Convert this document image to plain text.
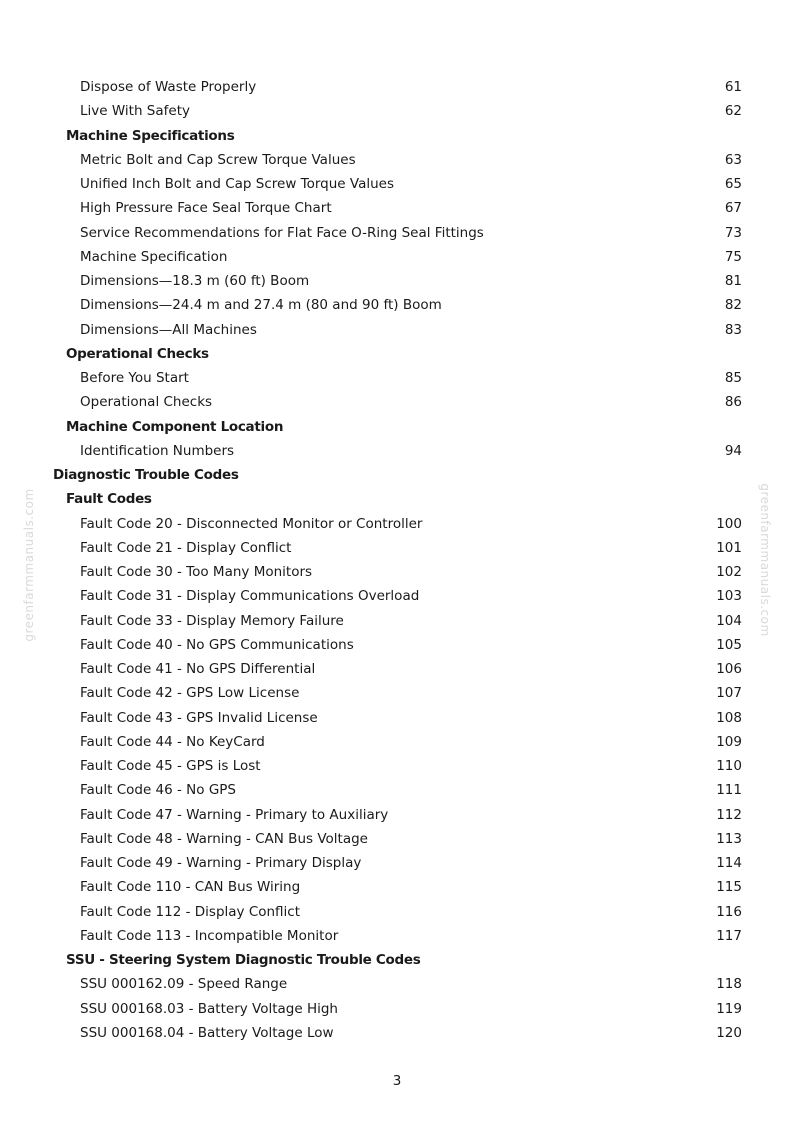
greenfarmmanuals.com	greenfarmmanuals.com
Dispose of Waste Properly	61
Live With Safety	62
Machine Specifications
Metric Bolt and Cap Screw Torque Values	63
Unified Inch Bolt and Cap Screw Torque Values	65
High Pressure Face Seal Torque Chart	67
Service Recommendations for Flat Face O-Ring Seal Fittings	73
Machine Specification	75
Dimensions—18.3 m (60 ft) Boom	81
Dimensions—24.4 m and 27.4 m (80 and 90 ft) Boom	82
Dimensions—All Machines	83
Operational Checks
Before You Start	85
Operational Checks	86
Machine Component Location
Identification Numbers	94
Diagnostic Trouble Codes
Fault Codes
Fault Code 20 - Disconnected Monitor or Controller	100
Fault Code 21 - Display Conflict	101
Fault Code 30 - Too Many Monitors	102
Fault Code 31 - Display Communications Overload	103
Fault Code 33 - Display Memory Failure	104
Fault Code 40 - No GPS Communications	105
Fault Code 41 - No GPS Differential	106
Fault Code 42 - GPS Low License	107
Fault Code 43 - GPS Invalid License	108
Fault Code 44 - No KeyCard	109
Fault Code 45 - GPS is Lost	110
Fault Code 46 - No GPS	111
Fault Code 47 - Warning - Primary to Auxiliary	112
Fault Code 48 - Warning - CAN Bus Voltage	113
Fault Code 49 - Warning - Primary Display	114
Fault Code 110 - CAN Bus Wiring	115
Fault Code 112 - Display Conflict	116
Fault Code 113 - Incompatible Monitor	117
SSU - Steering System Diagnostic Trouble Codes
SSU 000162.09 - Speed Range	118
SSU 000168.03 - Battery Voltage High	119
SSU 000168.04 - Battery Voltage Low	120
3
